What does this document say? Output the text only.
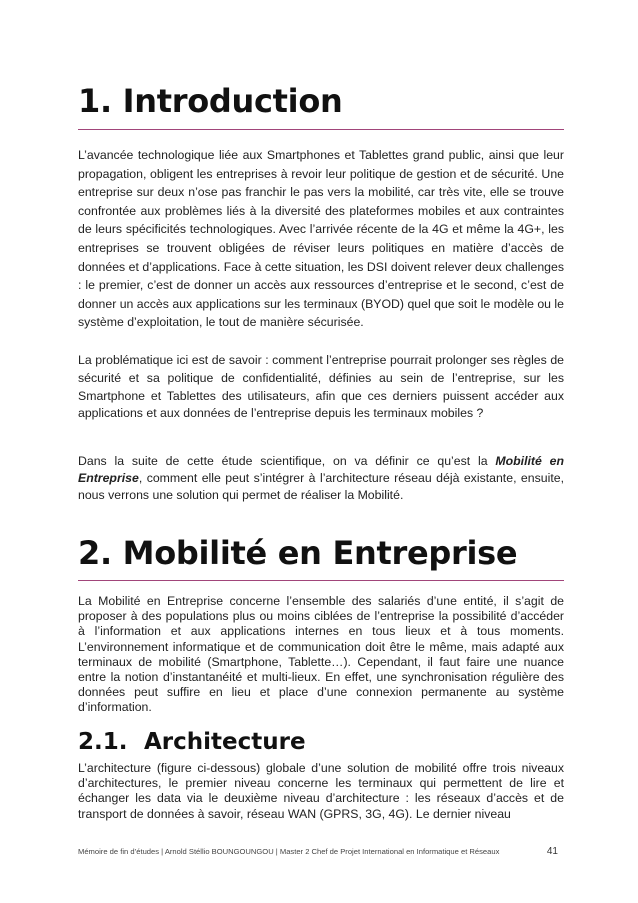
1. Introduction

L’avancée technologique liée aux Smartphones et Tablettes grand public, ainsi que leur propagation, obligent les entreprises à revoir leur politique de gestion et de sécurité. Une entreprise sur deux n’ose pas franchir le pas vers la mobilité, car très vite, elle se trouve confrontée aux problèmes liés à la diversité des plateformes mobiles et aux contraintes de leurs spécificités technologiques. Avec l’arrivée récente de la 4G et même la 4G+, les entreprises se trouvent obligées de réviser leurs politiques en matière d’accès de données et d’applications. Face à cette situation, les DSI doivent relever deux challenges : le premier, c’est de donner un accès aux ressources d’entreprise et le second, c’est de donner un accès aux applications sur les terminaux (BYOD) quel que soit le modèle ou le système d’exploitation, le tout de manière sécurisée.

La problématique ici est de savoir : comment l’entreprise pourrait prolonger ses règles de sécurité et sa politique de confidentialité, définies au sein de l’entreprise, sur les Smartphone et Tablettes des utilisateurs, afin que ces derniers puissent accéder aux applications et aux données de l’entreprise depuis les terminaux mobiles ?

Dans la suite de cette étude scientifique, on va définir ce qu’est la Mobilité en Entreprise, comment elle peut s’intégrer à l’architecture réseau déjà existante, ensuite, nous verrons une solution qui permet de réaliser la Mobilité.

2. Mobilité en Entreprise

La Mobilité en Entreprise concerne l’ensemble des salariés d’une entité, il s’agit de proposer à des populations plus ou moins ciblées de l’entreprise la possibilité d’accéder à l’information et aux applications internes en tous lieux et à tous moments. L’environnement informatique et de communication doit être le même, mais adapté aux terminaux de mobilité (Smartphone, Tablette…). Cependant, il faut faire une nuance entre la notion d’instantanéité et multi-lieux. En effet, une synchronisation régulière des données peut suffire en lieu et place d’une connexion permanente au système d’information.

2.1. Architecture

L’architecture (figure ci-dessous) globale d’une solution de mobilité offre trois niveaux d’architectures, le premier niveau concerne les terminaux qui permettent de lire et échanger les data via le deuxième niveau d’architecture : les réseaux d’accès et de transport de données à savoir, réseau WAN (GPRS, 3G, 4G). Le dernier niveau

Mémoire de fin d’études | Arnold Stéllio BOUNGOUNGOU | Master 2 Chef de Projet International en Informatique et Réseaux	41
